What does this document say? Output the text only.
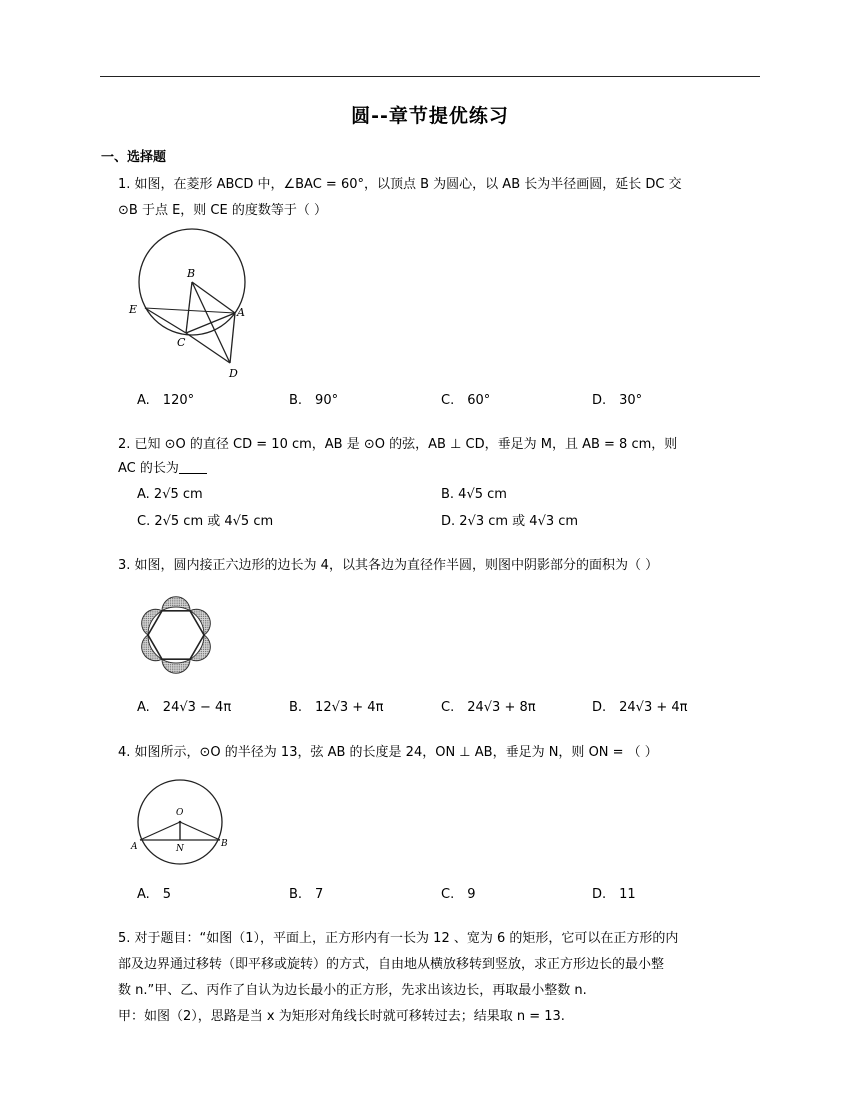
圆--章节提优练习
一、选择题
1. 如图，在菱形 ABCD 中，∠BAC = 60°，以顶点 B 为圆心，以 AB 长为半径画圆，延长 DC 交
⊙B 于点 E，则 CE 的度数等于（ ）
B
A
E
C
D
A.　120°	B.　90°	C.　60°	D.　30°
2. 已知 ⊙O 的直径 CD = 10 cm，AB 是 ⊙O 的弦，AB ⊥ CD，垂足为 M，且 AB = 8 cm，则
AC 的长为
A. 2√5 cm	B. 4√5 cm
C. 2√5 cm 或 4√5 cm	D. 2√3 cm 或 4√3 cm
3. 如图，圆内接正六边形的边长为 4，以其各边为直径作半圆，则图中阴影部分的面积为（ ）
A.　24√3 − 4π	B.　12√3 + 4π	C.　24√3 + 8π	D.　24√3 + 4π
4. 如图所示，⊙O 的半径为 13，弦 AB 的长度是 24，ON ⊥ AB，垂足为 N，则 ON = （ ）
O
A	N	B
A.　5	B.　7	C.　9	D.　11
5. 对于题目：“如图（1），平面上，正方形内有一长为 12 、宽为 6 的矩形，它可以在正方形的内
部及边界通过移转（即平移或旋转）的方式，自由地从横放移转到竖放，求正方形边长的最小整
数 n.”甲、乙、丙作了自认为边长最小的正方形，先求出该边长，再取最小整数 n.
甲：如图（2），思路是当 x 为矩形对角线长时就可移转过去；结果取 n = 13.
